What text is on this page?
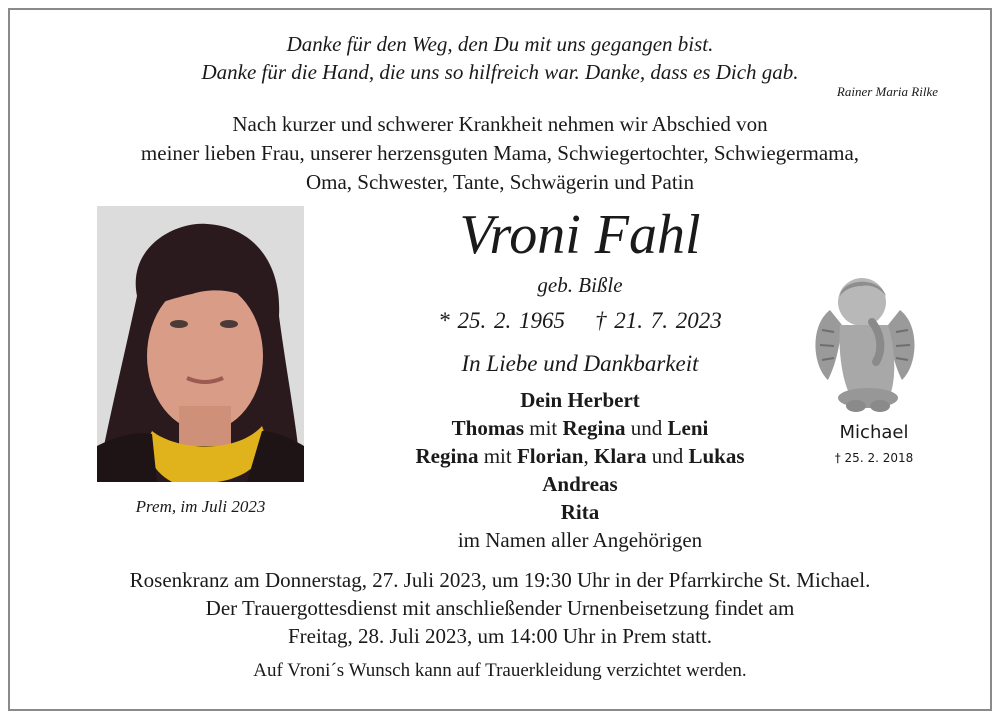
Danke für den Weg, den Du mit uns gegangen bist.
Danke für die Hand, die uns so hilfreich war. Danke, dass es Dich gab.
Rainer Maria Rilke
Nach kurzer und schwerer Krankheit nehmen wir Abschied von
meiner lieben Frau, unserer herzensguten Mama, Schwiegertochter, Schwiegermama,
Oma, Schwester, Tante, Schwägerin und Patin
Prem, im Juli 2023
Vroni Fahl
geb. Bißle
* 25. 2. 1965 † 21. 7. 2023
In Liebe und Dankbarkeit
Dein Herbert
Thomas mit Regina und Leni
Regina mit Florian, Klara und Lukas
Andreas
Rita
im Namen aller Angehörigen
Michael
† 25. 2. 2018
Rosenkranz am Donnerstag, 27. Juli 2023, um 19:30 Uhr in der Pfarrkirche St. Michael.
Der Trauergottesdienst mit anschließender Urnenbeisetzung findet am
Freitag, 28. Juli 2023, um 14:00 Uhr in Prem statt.
Auf Vroni´s Wunsch kann auf Trauerkleidung verzichtet werden.
